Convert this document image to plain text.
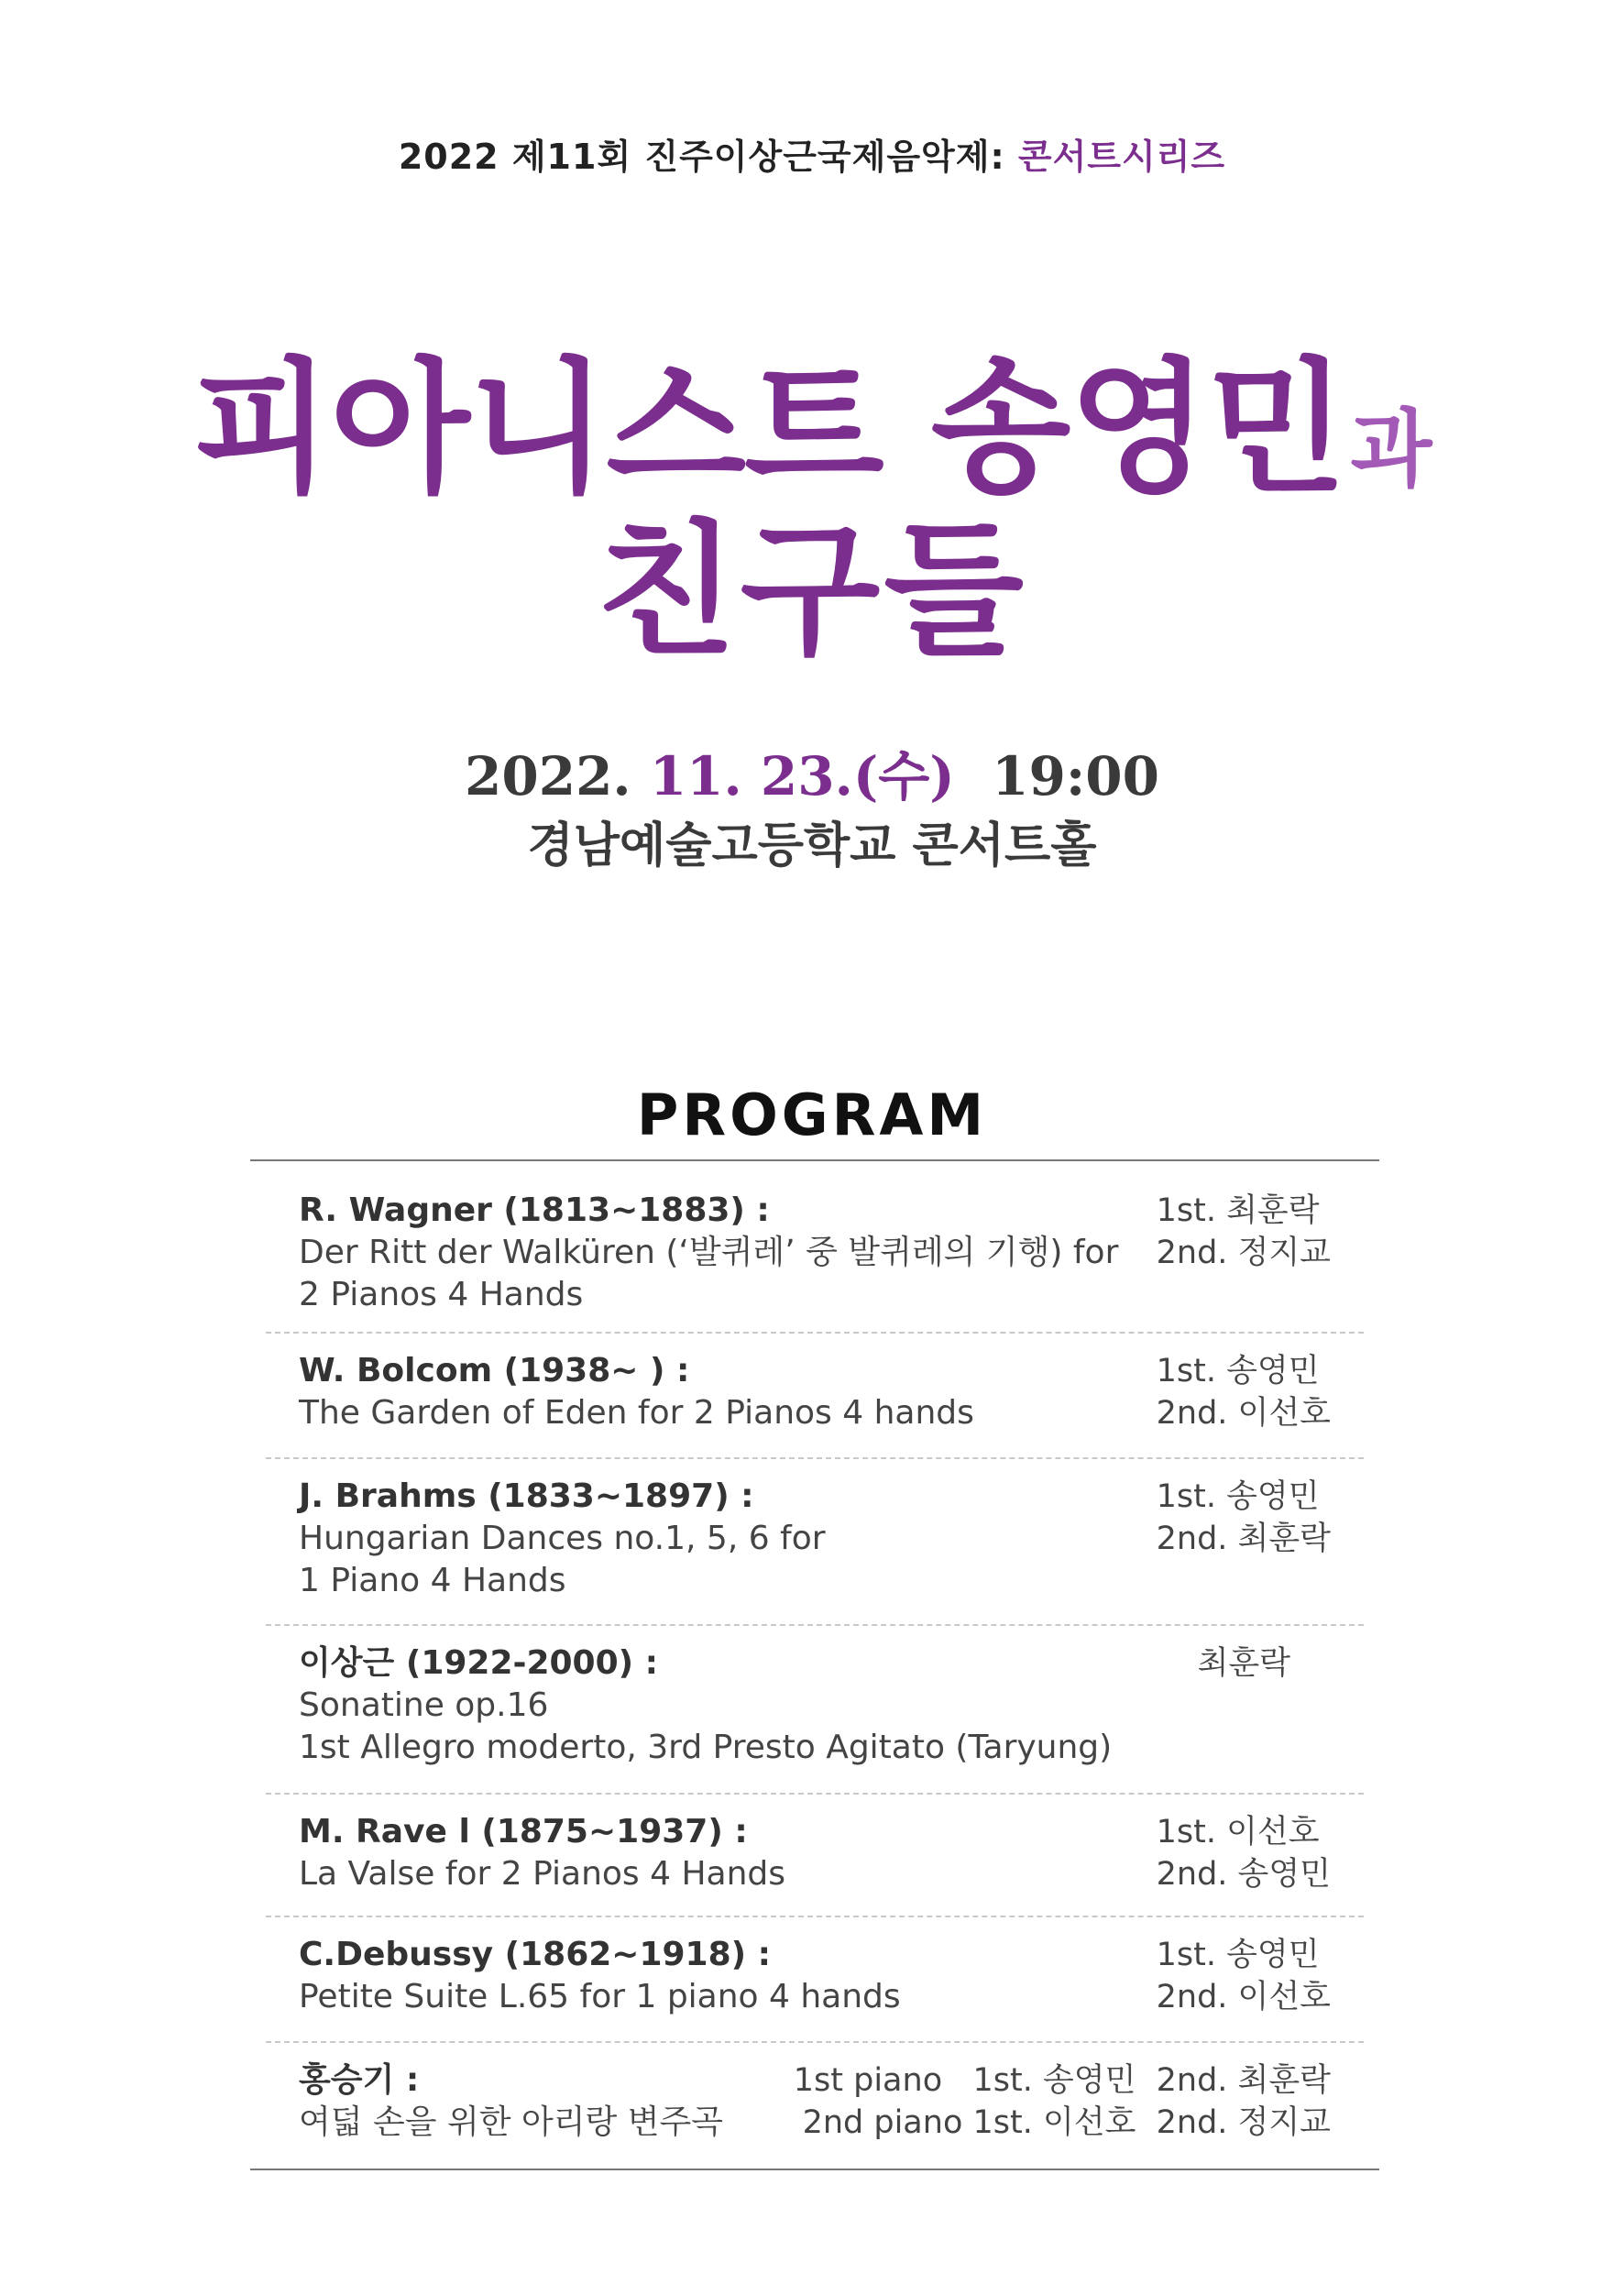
2022 제11회 진주이상근국제음악제: 콘서트시리즈
피아니스트 송영민과
친구들
2022. 11. 23.(수) 19:00
경남예술고등학교 콘서트홀
PROGRAM
R. Wagner (1813~1883) :
Der Ritt der Walküren (‘발퀴레’ 중 발퀴레의 기행) for
2 Pianos 4 Hands
1st. 최훈락
2nd. 정지교
W. Bolcom (1938~ ) :
The Garden of Eden for 2 Pianos 4 hands
1st. 송영민
2nd. 이선호
J. Brahms (1833~1897) :
Hungarian Dances no.1, 5, 6 for
1 Piano 4 Hands
1st. 송영민
2nd. 최훈락
이상근 (1922-2000) :
Sonatine op.16
1st Allegro moderto, 3rd Presto Agitato (Taryung)
최훈락
M. Rave l (1875~1937) :
La Valse for 2 Pianos 4 Hands
1st. 이선호
2nd. 송영민
C.Debussy (1862~1918) :
Petite Suite L.65 for 1 piano 4 hands
1st. 송영민
2nd. 이선호
홍승기 :
여덟 손을 위한 아리랑 변주곡
1st piano   1st. 송영민  2nd. 최훈락
2nd piano 1st. 이선호  2nd. 정지교
